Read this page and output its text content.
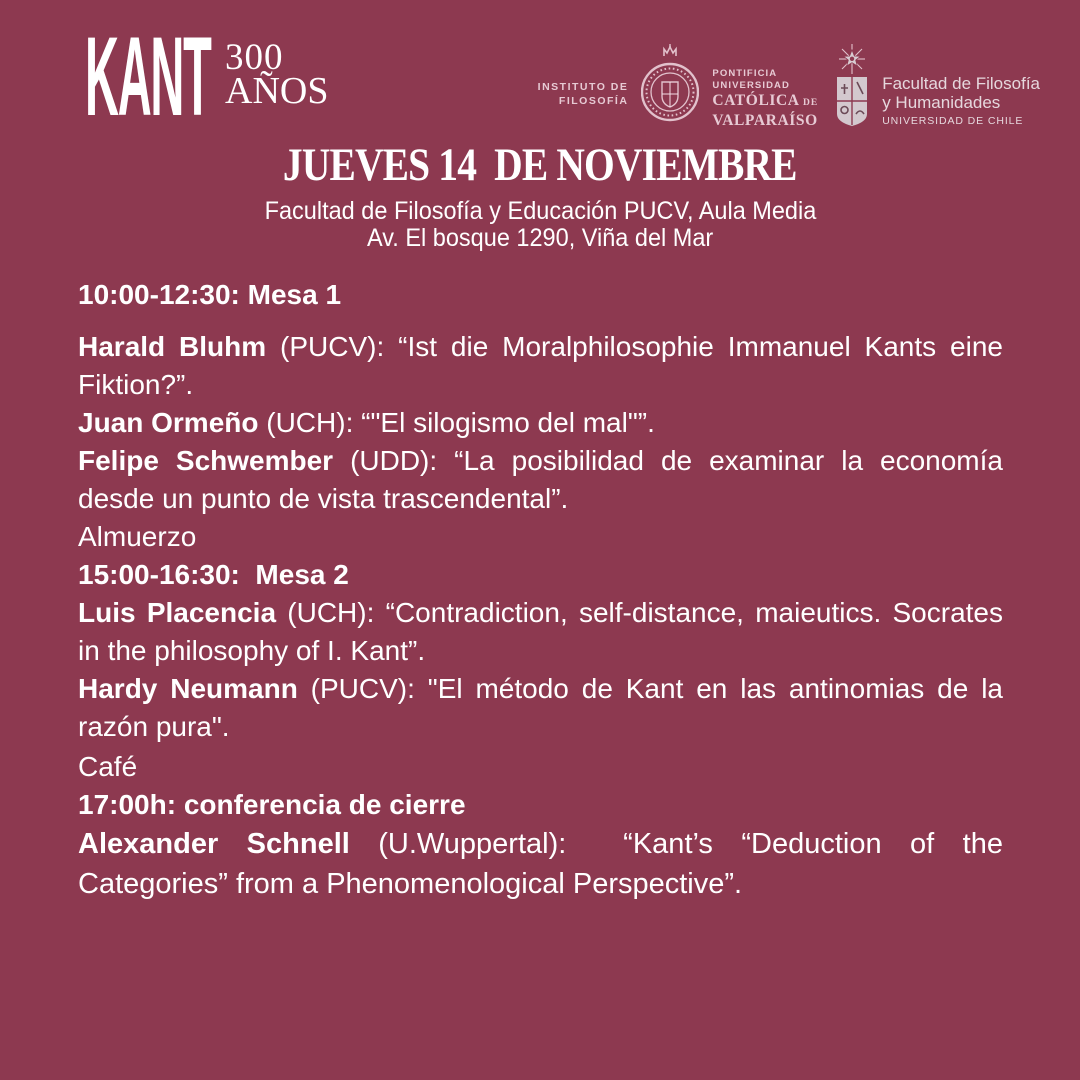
KANT 300
AÑOS	INSTITUTO DE
FILOSOFÍA
PONTIFICIA
UNIVERSIDAD
CATÓLICA DE
VALPARAÍSO
Facultad de Filosofía
y Humanidades
UNIVERSIDAD DE CHILE
JUEVES 14  DE NOVIEMBRE
Facultad de Filosofía y Educación PUCV, Aula Media
Av. El bosque 1290, Viña del Mar

10:00-12:30: Mesa 1

Harald Bluhm (PUCV): “Ist die Moralphilosophie Immanuel Kants eine Fiktion?”.

Juan Ormeño (UCH): “"El silogismo del mal"”.

Felipe Schwember (UDD): “La posibilidad de examinar la economía desde un punto de vista trascendental”.

Almuerzo

15:00-16:30:  Mesa 2

Luis Placencia (UCH): “Contradiction, self-distance, maieutics. Socrates in the philosophy of I. Kant”.

Hardy Neumann (PUCV): "El método de Kant en las antinomias de la razón pura".

Café

17:00h: conferencia de cierre

Alexander Schnell (U.Wuppertal):  “Kant’s “Deduction of the Categories” from a Phenomenological Perspective”.
